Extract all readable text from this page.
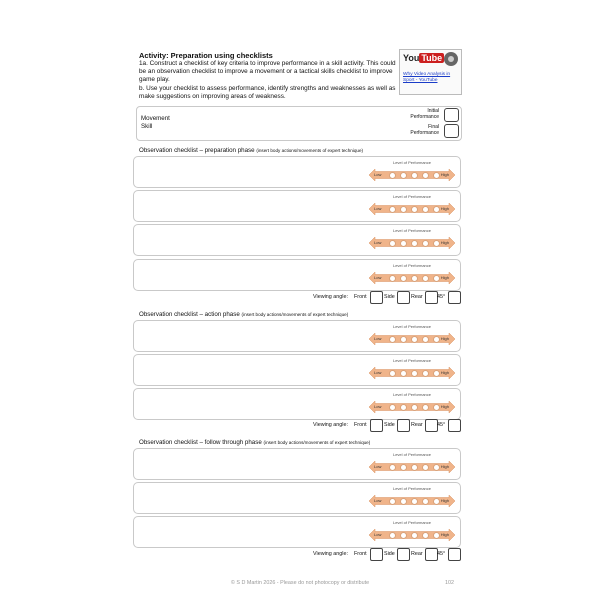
Activity: Preparation using checklists
1a. Construct a checklist of key criteria to improve performance in a skill activity. This could be an observation checklist to improve a movement or a tactical skills checklist to improve game play.
b. Use your checklist to assess performance, identify strengths and weaknesses as well as make suggestions on improving areas of weakness.
You Tube
Why Video Analysis in Sport - YouTube
Movement
Skill
Initial
Performance
Final
Performance
Observation checklist – preparation phase (insert body actions/movements of expert technique)
Level of Performance
Low	High
Level of Performance
Low	High
Level of Performance
Low	High
Level of Performance
Low	High
Viewing angle: Front	Side	Rear	45°
Observation checklist – action phase (insert body actions/movements of expert technique)
Level of Performance
Low	High
Level of Performance
Low	High
Level of Performance
Low	High
Viewing angle: Front	Side	Rear	45°
Observation checklist – follow through phase (insert body actions/movements of expert technique)
Level of Performance
Low	High
Level of Performance
Low	High
Level of Performance
Low	High
Viewing angle: Front	Side	Rear	45°
© S D Martin 2026 - Please do not photocopy or distribute	102
